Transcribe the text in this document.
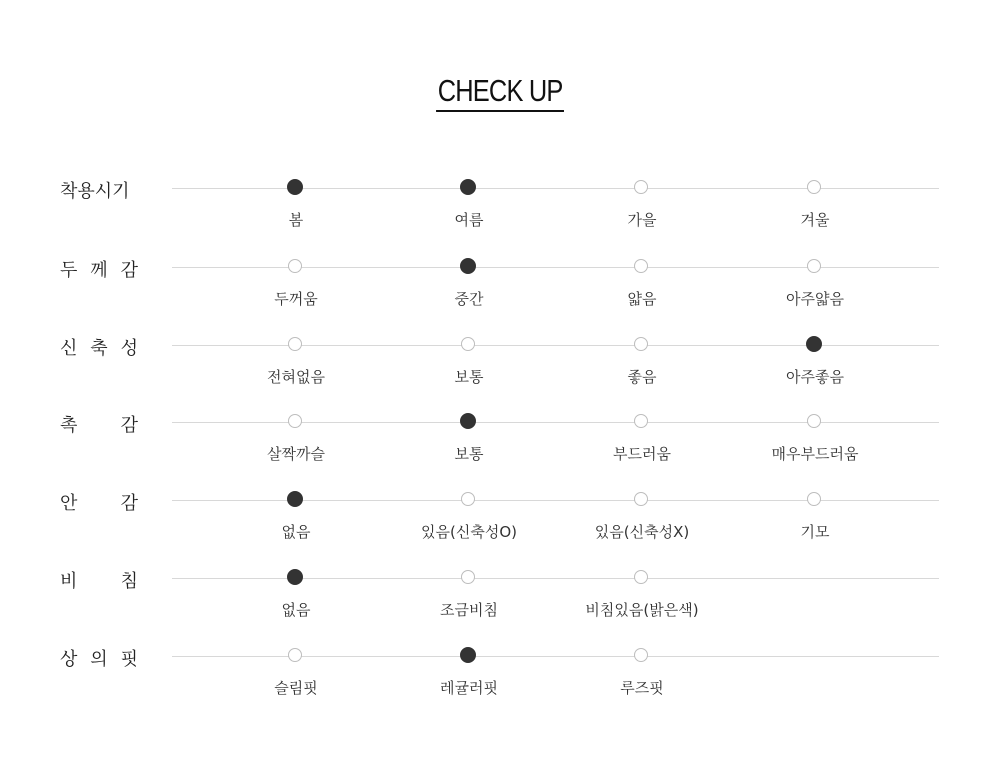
CHECK UP
착용시기
봄	여름	가을	겨울
두 께 감
두꺼움	중간	얇음	아주얇음
신 축 성
전혀없음	보통	좋음	아주좋음
촉 감
살짝까슬	보통	부드러움	매우부드러움
안 감
없음	있음(신축성O)	있음(신축성X)	기모
비 침
없음	조금비침	비침있음(밝은색)
상 의 핏
슬림핏	레귤러핏	루즈핏
